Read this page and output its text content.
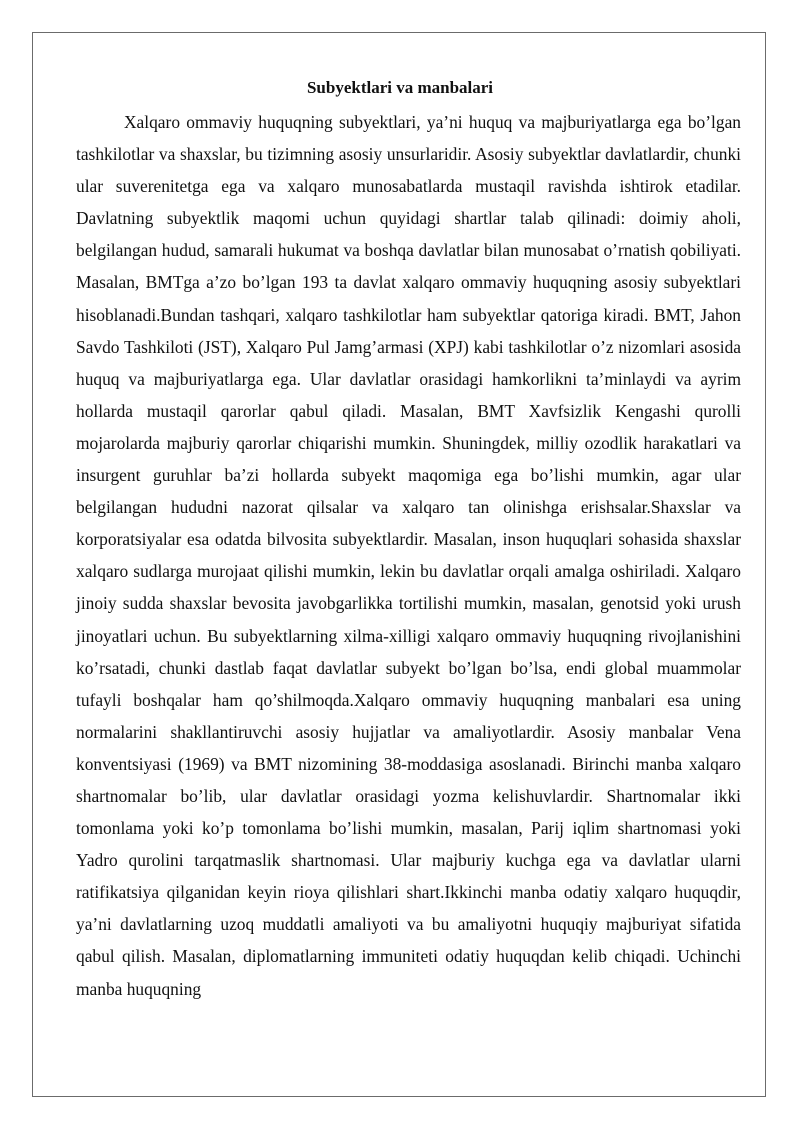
Subyektlari va manbalari

Xalqaro ommaviy huquqning subyektlari, ya’ni huquq va majburiyatlarga ega bo’lgan tashkilotlar va shaxslar, bu tizimning asosiy unsurlaridir. Asosiy subyektlar davlatlardir, chunki ular suverenitetga ega va xalqaro munosabatlarda mustaqil ravishda ishtirok etadilar. Davlatning subyektlik maqomi uchun quyidagi shartlar talab qilinadi: doimiy aholi, belgilangan hudud, samarali hukumat va boshqa davlatlar bilan munosabat o’rnatish qobiliyati. Masalan, BMTga a’zo bo’lgan 193 ta davlat xalqaro ommaviy huquqning asosiy subyektlari hisoblanadi.Bundan tashqari, xalqaro tashkilotlar ham subyektlar qatoriga kiradi. BMT, Jahon Savdo Tashkiloti (JST), Xalqaro Pul Jamg’armasi (XPJ) kabi tashkilotlar o’z nizomlari asosida huquq va majburiyatlarga ega. Ular davlatlar orasidagi hamkorlikni ta’minlaydi va ayrim hollarda mustaqil qarorlar qabul qiladi. Masalan, BMT Xavfsizlik Kengashi qurolli mojarolarda majburiy qarorlar chiqarishi mumkin. Shuningdek, milliy ozodlik harakatlari va insurgent guruhlar ba’zi hollarda subyekt maqomiga ega bo’lishi mumkin, agar ular belgilangan hududni nazorat qilsalar va xalqaro tan olinishga erishsalar.Shaxslar va korporatsiyalar esa odatda bilvosita subyektlardir. Masalan, inson huquqlari sohasida shaxslar xalqaro sudlarga murojaat qilishi mumkin, lekin bu davlatlar orqali amalga oshiriladi. Xalqaro jinoiy sudda shaxslar bevosita javobgarlikka tortilishi mumkin, masalan, genotsid yoki urush jinoyatlari uchun. Bu subyektlarning xilma-xilligi xalqaro ommaviy huquqning rivojlanishini ko’rsatadi, chunki dastlab faqat davlatlar subyekt bo’lgan bo’lsa, endi global muammolar tufayli boshqalar ham qo’shilmoqda.Xalqaro ommaviy huquqning manbalari esa uning normalarini shakllantiruvchi asosiy hujjatlar va amaliyotlardir. Asosiy manbalar Vena konventsiyasi (1969) va BMT nizomining 38-moddasiga asoslanadi. Birinchi manba xalqaro shartnomalar bo’lib, ular davlatlar orasidagi yozma kelishuvlardir. Shartnomalar ikki tomonlama yoki ko’p tomonlama bo’lishi mumkin, masalan, Parij iqlim shartnomasi yoki Yadro qurolini tarqatmaslik shartnomasi. Ular majburiy kuchga ega va davlatlar ularni ratifikatsiya qilganidan keyin rioya qilishlari shart.Ikkinchi manba odatiy xalqaro huquqdir, ya’ni davlatlarning uzoq muddatli amaliyoti va bu amaliyotni huquqiy majburiyat sifatida qabul qilish. Masalan, diplomatlarning immuniteti odatiy huquqdan kelib chiqadi. Uchinchi manba huquqning
